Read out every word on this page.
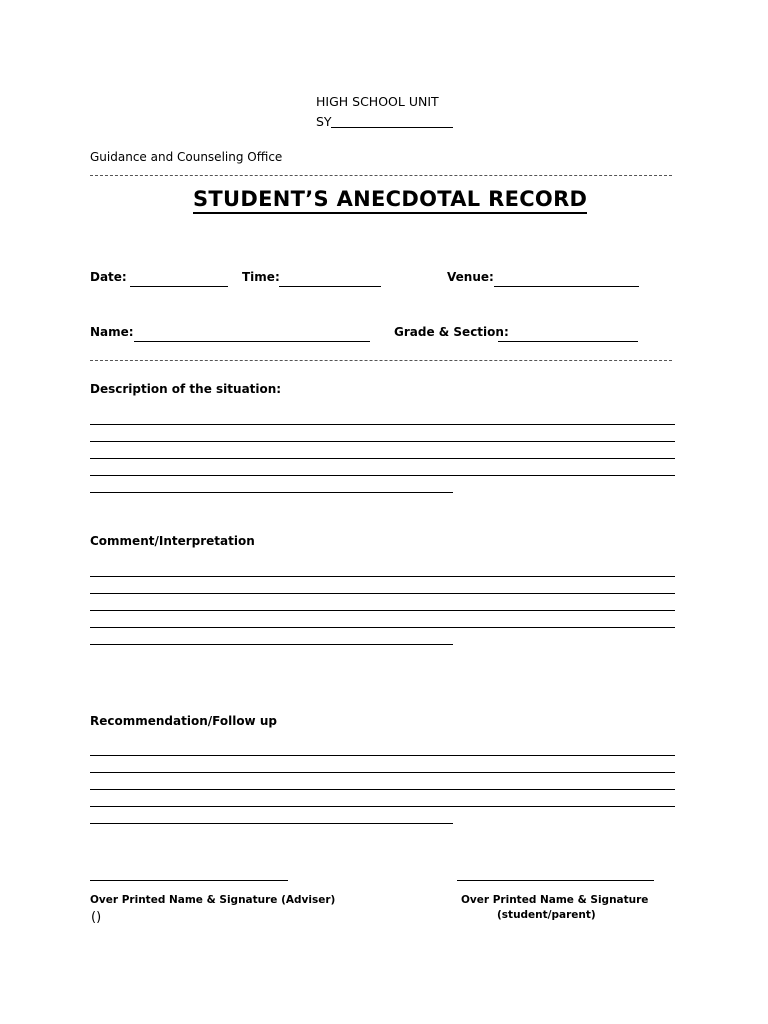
HIGH SCHOOL UNIT
SY
Guidance and Counseling Office
STUDENT’S ANECDOTAL RECORD
Date:	Time:	Venue:
Name:	Grade & Section:
Description of the situation:
Comment/Interpretation
Recommendation/Follow up
Over Printed Name & Signature (Adviser)
()
Over Printed Name & Signature
(student/parent)
